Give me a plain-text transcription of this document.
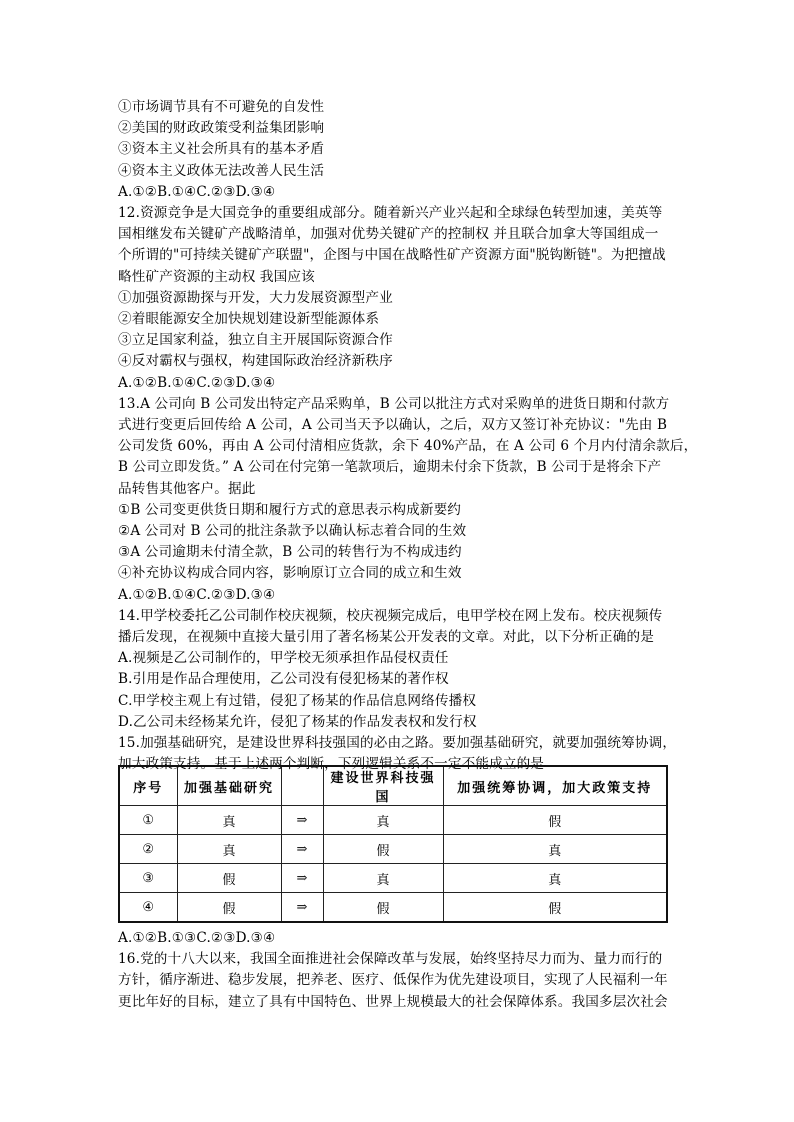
①市场调节具有不可避免的自发性
②美国的财政政策受利益集团影响
③资本主义社会所具有的基本矛盾
④资本主义政体无法改善人民生活
A.①②B.①④C.②③D.③④
12.资源竞争是大国竞争的重要组成部分。随着新兴产业兴起和全球绿色转型加速，美英等
国相继发布关键矿产战略清单，加强对优势关键矿产的控制权 并且联合加拿大等国组成一
个所谓的"可持续关键矿产联盟"，企图与中国在战略性矿产资源方面"脱钩断链"。为把擅战
略性矿产资源的主动权 我国应该
①加强资源勘探与开发，大力发展资源型产业
②着眼能源安全加快规划建设新型能源体系
③立足国家利益，独立自主开展国际资源合作
④反对霸权与强权，构建国际政治经济新秩序
A.①②B.①④C.②③D.③④
13.A 公司向 B 公司发出特定产品采购单，B 公司以批注方式对采购单的进货日期和付款方
式进行变更后回传给 A 公司，A 公司当天予以确认，之后，双方又签订补充协议："先由 B
公司发货 60%，再由 A 公司付清相应货款，余下 40%产品，在 A 公司 6 个月内付清余款后，
B 公司立即发货。” A 公司在付完第一笔款项后，逾期未付余下货款，B 公司于是将余下产
品转售其他客户。据此
①B 公司变更供货日期和履行方式的意思表示构成新要约
②A 公司对 B 公司的批注条款予以确认标志着合同的生效
③A 公司逾期未付清全款，B 公司的转售行为不构成违约
④补充协议构成合同内容，影响原订立合同的成立和生效
A.①②B.①④C.②③D.③④
14.甲学校委托乙公司制作校庆视频，校庆视频完成后，电甲学校在网上发布。校庆视频传
播后发现，在视频中直接大量引用了著名杨某公开发表的文章。对此，以下分析正确的是
A.视频是乙公司制作的，甲学校无须承担作品侵权责任
B.引用是作品合理使用，乙公司没有侵犯杨某的著作权
C.甲学校主观上有过错，侵犯了杨某的作品信息网络传播权
D.乙公司未经杨某允许，侵犯了杨某的作品发表权和发行权
15.加强基础研究，是建设世界科技强国的必由之路。要加强基础研究，就要加强统筹协调，
加大政策支持。基于上述两个判断，下列逻辑关系不一定不能成立的是
序号	加强基础研究		建设世界科技强国	加强统筹协调，加大政策支持
①	真	⇒	真	假
②	真	⇒	假	真
③	假	⇒	真	真
④	假	⇒	假	假
A.①②B.①③C.②③D.③④
16.党的十八大以来，我国全面推进社会保障改革与发展，始终坚持尽力而为、量力而行的
方针，循序渐进、稳步发展，把养老、医疗、低保作为优先建设项目，实现了人民福利一年
更比年好的目标，建立了具有中国特色、世界上规模最大的社会保障体系。我国多层次社会
